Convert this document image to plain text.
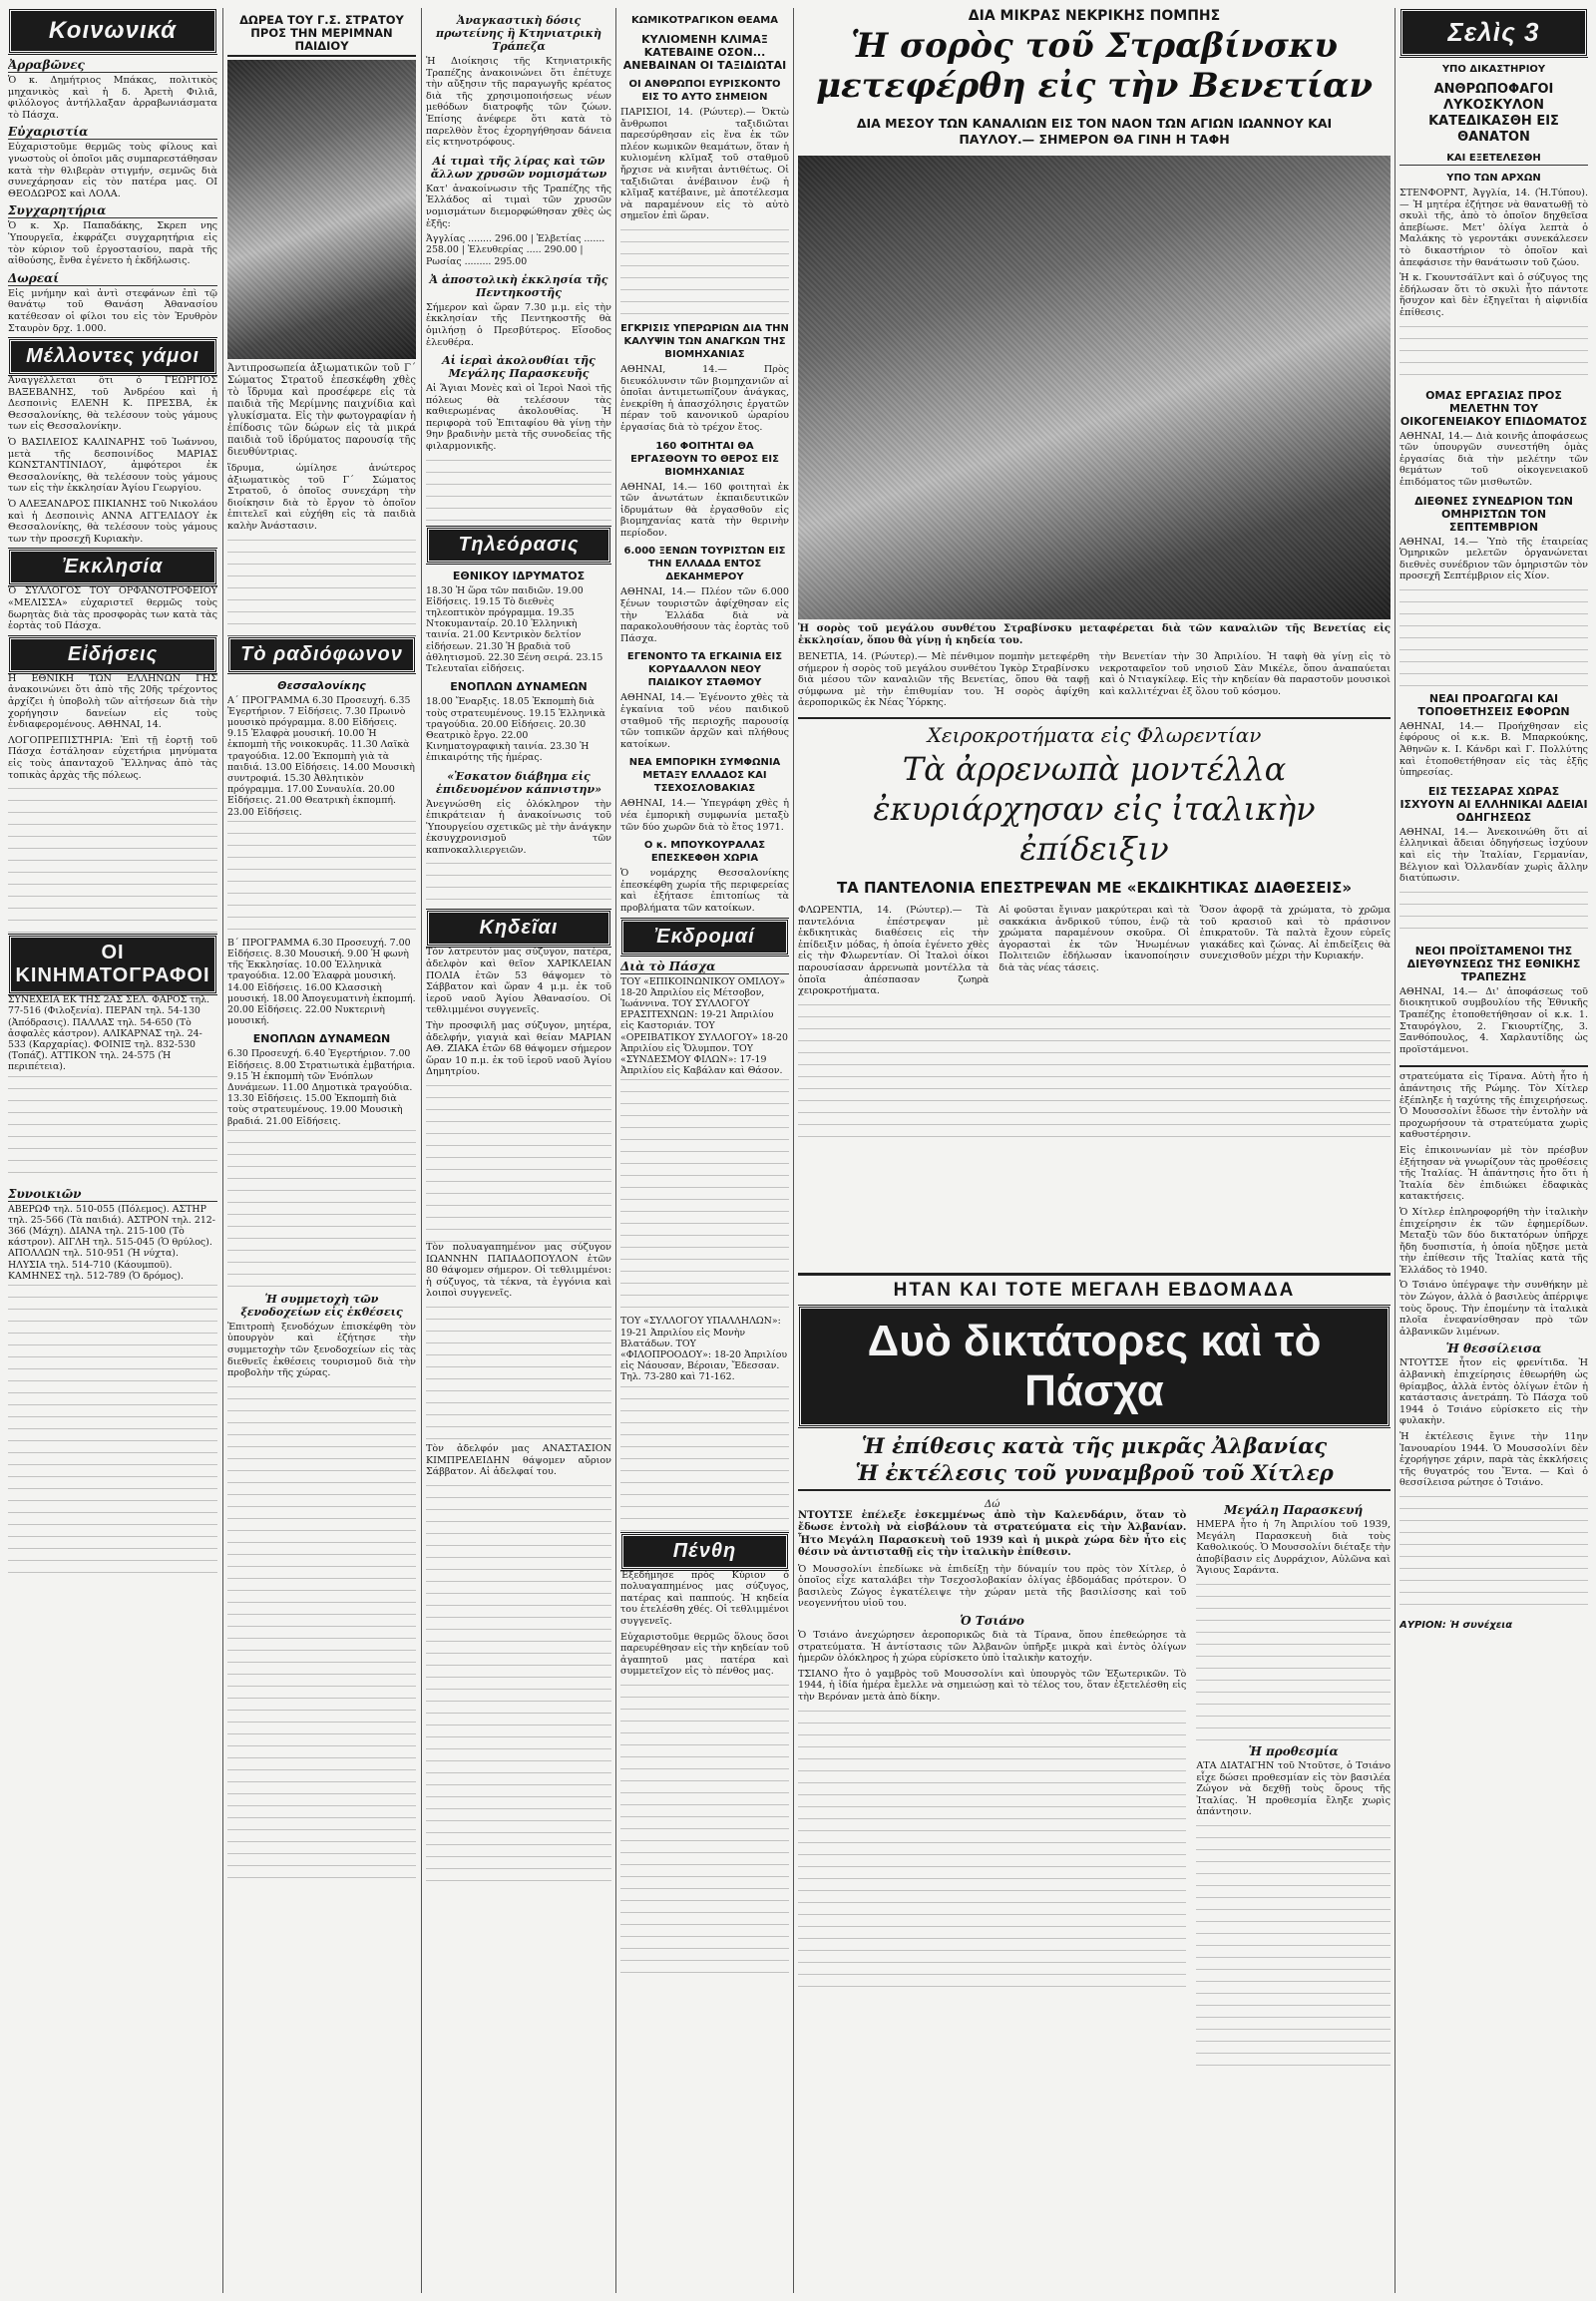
Κοινωνικά
Ἀρραβῶνες

Ὁ κ. Δημήτριος Μπάκας, πολιτικὸς μηχανικὸς καὶ ἡ δ. Ἀρετὴ Φιλιᾶ, φιλόλογος ἀντήλλαξαν ἀρραβωνιάσματα τὸ Πάσχα.

Εὐχαριστία

Εὐχαριστοῦμε θερμῶς τοὺς φίλους καὶ γνωστοὺς οἱ ὁποῖοι μᾶς συμπαρεστάθησαν κατὰ τὴν θλιβερὰν στιγμήν, σεμνῶς διὰ συνεχάρησαν εἰς τὸν πατέρα μας. ΟΙ ΘΕΟΔΩΡΟΣ καὶ ΛΟΛΑ.

Συγχαρητήρια

Ὁ κ. Χρ. Παπαδάκης, Σκρεπ νης Ὑπουργεῖα, ἐκφράζει συγχαρητήρια εἰς τὸν κύριον τοῦ ἐργοστασίου, παρὰ τῆς αἰθούσης, ἔνθα ἐγένετο ἡ ἐκδήλωσις.

Δωρεαί

Εἰς μνήμην καὶ ἀντὶ στεφάνων ἐπὶ τῷ θανάτῳ τοῦ Θανάση Ἀθανασίου κατέθεσαν οἱ φίλοι του εἰς τὸν Ἑρυθρὸν Σταυρὸν δρχ. 1.000.

Μέλλοντες γάμοι

Ἀναγγέλλεται ὅτι ὁ ΓΕΩΡΓΙΟΣ ΒΑΞΕΒΑΝΗΣ, τοῦ Ἀνδρέου καὶ ἡ Δεσποινὶς ΕΛΕΝΗ Κ. ΠΡΕΣΒΑ, ἐκ Θεσσαλονίκης, θὰ τελέσουν τοὺς γάμους των εἰς Θεσσαλονίκην.

Ὁ ΒΑΣΙΛΕΙΟΣ ΚΑΛΙΝΑΡΗΣ τοῦ Ἰωάννου, μετὰ τῆς δεσποινίδος ΜΑΡΙΑΣ ΚΩΝΣΤΑΝΤΙΝΙΔΟΥ, ἀμφότεροι ἐκ Θεσσαλονίκης, θὰ τελέσουν τοὺς γάμους των εἰς τὴν ἐκκλησίαν Ἁγίου Γεωργίου.

Ὁ ΑΛΕΞΑΝΔΡΟΣ ΠΙΚΙΑΝΗΣ τοῦ Νικολάου καὶ ἡ Δεσποινὶς ΑΝΝΑ ΑΓΓΕΛΙΔΟΥ ἐκ Θεσσαλονίκης, θὰ τελέσουν τοὺς γάμους των τὴν προσεχῆ Κυριακὴν.

Ἐκκλησία

Ὁ ΣΥΛΛΟΓΟΣ ΤΟΥ ΟΡΦΑΝΟΤΡΟΦΕΙΟΥ «ΜΕΛΙΣΣΑ» εὐχαριστεῖ θερμῶς τοὺς δωρητὰς διὰ τὰς προσφορὰς των κατὰ τὰς ἑορτὰς τοῦ Πάσχα.

Εἰδήσεις

Η ΕΘΝΙΚΗ ΤΩΝ ΕΛΛΗΝΩΝ ΓΗΣ ἀνακοινώνει ὅτι ἀπὸ τῆς 20ῆς τρέχοντος ἀρχίζει ἡ ὑποβολὴ τῶν αἰτήσεων διὰ τὴν χορήγησιν δανείων εἰς τοὺς ἐνδιαφερομένους. ΑΘΗΝΑΙ, 14.

ΛΟΓΟΠΡΕΠΙΣΤΗΡΙΑ: Ἐπὶ τῇ ἑορτῇ τοῦ Πάσχα ἐστάλησαν εὐχετήρια μηνύματα εἰς τοὺς ἀπανταχοῦ Ἕλληνας ἀπὸ τὰς τοπικὰς ἀρχὰς τῆς πόλεως.

ΟΙ ΚΙΝΗΜΑΤΟΓΡΑΦΟΙ

ΣΥΝΕΧΕΙΑ ΕΚ ΤΗΣ 2ΑΣ ΣΕΛ. ΦΑΡΟΣ τηλ. 77-516 (Φιλοξενία). ΠΕΡΑΝ τηλ. 54-130 (Ἀπόδρασις). ΠΑΛΛΑΣ τηλ. 54-650 (Τὸ ἀσφαλὲς κάστρον). ΑΛΙΚΑΡΝΑΣ τηλ. 24-533 (Καρχαρίας). ΦΟΙΝΙΞ τηλ. 832-530 (Τοπάζ). ΑΤΤΙΚΟΝ τηλ. 24-575 (Ἡ περιπέτεια).

Συνοικιῶν

ΑΒΕΡΩΦ τηλ. 510-055 (Πόλεμος). ΑΣΤΗΡ τηλ. 25-566 (Τὰ παιδιά). ΑΣΤΡΟΝ τηλ. 212-366 (Μάχη). ΔΙΑΝΑ τηλ. 215-100 (Τὸ κάστρον). ΑΙΓΛΗ τηλ. 515-045 (Ὁ θρύλος). ΑΠΟΛΛΩΝ τηλ. 510-951 (Ἡ νύχτα). ΗΛΥΣΙΑ τηλ. 514-710 (Κάουμποϋ). ΚΑΜΗΝΕΣ τηλ. 512-789 (Ὁ δρόμος).

ΔΩΡΕΑ ΤΟΥ Γ.Σ. ΣΤΡΑΤΟΥ ΠΡΟΣ ΤΗΝ ΜΕΡΙΜΝΑΝ ΠΑΙΔΙΟΥ

Ἀντιπροσωπεία ἀξιωματικῶν τοῦ Γ΄ Σώματος Στρατοῦ ἐπεσκέφθη χθὲς τὸ ἵδρυμα καὶ προσέφερε εἰς τὰ παιδιὰ τῆς Μερίμνης παιχνίδια καὶ γλυκίσματα. Εἰς τὴν φωτογραφίαν ἡ ἐπίδοσις τῶν δώρων εἰς τὰ μικρά παιδιὰ τοῦ ἱδρύματος παρουσίᾳ τῆς διευθύντριας.

ἵδρυμα, ὡμίλησε ἀνώτερος ἀξιωματικὸς τοῦ Γ΄ Σώματος Στρατοῦ, ὁ ὁποῖος συνεχάρη τὴν διοίκησιν διὰ τὸ ἔργον τὸ ὁποῖον ἐπιτελεῖ καὶ εὐχήθη εἰς τὰ παιδιὰ καλὴν Ἀνάστασιν.

Τὸ ραδιόφωνον
Θεσσαλονίκης

Α΄ ΠΡΟΓΡΑΜΜΑ 6.30 Προσευχή. 6.35 Ἐγερτήριον. 7 Εἰδήσεις. 7.30 Πρωινὸ μουσικὸ πρόγραμμα. 8.00 Εἰδήσεις. 9.15 Ἐλαφρὰ μουσική. 10.00 Ἡ ἐκπομπὴ τῆς νοικοκυρᾶς. 11.30 Λαϊκὰ τραγούδια. 12.00 Ἐκπομπὴ γιὰ τὰ παιδιά. 13.00 Εἰδήσεις. 14.00 Μουσικὴ συντροφιά. 15.30 Ἀθλητικὸν πρόγραμμα. 17.00 Συναυλία. 20.00 Εἰδήσεις. 21.00 Θεατρικὴ ἐκπομπή. 23.00 Εἰδήσεις.

Β΄ ΠΡΟΓΡΑΜΜΑ 6.30 Προσευχή. 7.00 Εἰδήσεις. 8.30 Μουσική. 9.00 Ἡ φωνὴ τῆς Ἐκκλησίας. 10.00 Ἑλληνικὰ τραγούδια. 12.00 Ἐλαφρὰ μουσική. 14.00 Εἰδήσεις. 16.00 Κλασσικὴ μουσική. 18.00 Ἀπογευματινὴ ἐκπομπή. 20.00 Εἰδήσεις. 22.00 Νυκτερινὴ μουσική.

ΕΝΟΠΛΩΝ ΔΥΝΑΜΕΩΝ

6.30 Προσευχή. 6.40 Ἐγερτήριον. 7.00 Εἰδήσεις. 8.00 Στρατιωτικὰ ἐμβατήρια. 9.15 Ἡ ἐκπομπὴ τῶν Ἐνόπλων Δυνάμεων. 11.00 Δημοτικὰ τραγούδια. 13.30 Εἰδήσεις. 15.00 Ἐκπομπὴ διὰ τοὺς στρατευμένους. 19.00 Μουσικὴ βραδιά. 21.00 Εἰδήσεις.

Ἡ συμμετοχὴ τῶν ξενοδοχείων εἰς ἐκθέσεις

Ἐπιτροπὴ ξενοδόχων ἐπισκέφθη τὸν ὑπουργὸν καὶ ἐζήτησε τὴν συμμετοχὴν τῶν ξενοδοχείων εἰς τὰς διεθνεῖς ἐκθέσεις τουρισμοῦ διὰ τὴν προβολὴν τῆς χώρας.

Ἀναγκαστικὴ δόσις πρωτείνης ἢ Κτηνιατρικὴ Τράπεζα

Ἡ Διοίκησις τῆς Κτηνιατρικῆς Τραπέζης ἀνακοινώνει ὅτι ἐπέτυχε τὴν αὔξησιν τῆς παραγωγῆς κρέατος διὰ τῆς χρησιμοποιήσεως νέων μεθόδων διατροφῆς τῶν ζώων. Ἐπίσης ἀνέφερε ὅτι κατὰ τὸ παρελθὸν ἔτος ἐχορηγήθησαν δάνεια εἰς κτηνοτρόφους.

Αἱ τιμαὶ τῆς λίρας καὶ τῶν ἄλλων χρυσῶν νομισμάτων

Κατ' ἀνακοίνωσιν τῆς Τραπέζης τῆς Ἑλλάδος αἱ τιμαὶ τῶν χρυσῶν νομισμάτων διεμορφώθησαν χθὲς ὡς ἑξῆς:

Ἀγγλίας ........ 296.00 | Ἑλβετίας ....... 258.00 | Ἐλευθερίας ..... 290.00 | Ρωσίας ......... 295.00

Ἀ ἀποστολικὴ ἐκκλησία τῆς Πεντηκοστῆς

Σήμερον καὶ ὥραν 7.30 μ.μ. εἰς τὴν ἐκκλησίαν τῆς Πεντηκοστῆς θὰ ὁμιλήσῃ ὁ Πρεσβύτερος. Εἴσοδος ἐλευθέρα.

Αἱ ἱεραὶ ἀκολουθίαι τῆς Μεγάλης Παρασκευῆς

Αἱ Ἅγιαι Μονὲς καὶ οἱ Ἱεροὶ Ναοὶ τῆς πόλεως θὰ τελέσουν τὰς καθιερωμένας ἀκολουθίας. Ἡ περιφορὰ τοῦ Ἐπιταφίου θὰ γίνῃ τὴν 9ην βραδινὴν μετὰ τῆς συνοδείας τῆς φιλαρμονικῆς.

Τηλεόρασις
ΕΘΝΙΚΟΥ ΙΔΡΥΜΑΤΟΣ

18.30 Ἡ ὥρα τῶν παιδιῶν. 19.00 Εἰδήσεις. 19.15 Τὸ διεθνὲς τηλεοπτικὸν πρόγραμμα. 19.35 Ντοκυμανταίρ. 20.10 Ἐλληνικὴ ταινία. 21.00 Κεντρικὸν δελτίον εἰδήσεων. 21.30 Ἡ βραδιὰ τοῦ ἀθλητισμοῦ. 22.30 Ξένη σειρά. 23.15 Τελευταῖαι εἰδήσεις.

ΕΝΟΠΛΩΝ ΔΥΝΑΜΕΩΝ

18.00 Ἔναρξις. 18.05 Ἐκπομπὴ διὰ τοὺς στρατευμένους. 19.15 Ἑλληνικὰ τραγούδια. 20.00 Εἰδήσεις. 20.30 Θεατρικὸ ἔργο. 22.00 Κινηματογραφικὴ ταινία. 23.30 Ἡ ἐπικαιρότης τῆς ἡμέρας.

«Ἐσκατον διάβημα εἰς ἐπιδευομένον κάπνιστην»

Ἀνεγνώσθη εἰς ὁλόκληρον τὴν ἐπικράτειαν ἡ ἀνακοίνωσις τοῦ Ὑπουργείου σχετικῶς μὲ τὴν ἀνάγκην ἐκσυγχρονισμοῦ τῶν καπνοκαλλιεργειῶν.

Κηδεῖαι

Τὸν λατρευτόν μας σύζυγον, πατέρα, ἀδελφὸν καὶ θεῖον ΧΑΡΙΚΛΕΙΑΝ ΠΟΛΙΑ ἐτῶν 53 θάψομεν τὸ Σάββατον καὶ ὥραν 4 μ.μ. ἐκ τοῦ ἱεροῦ ναοῦ Ἁγίου Ἀθανασίου. Οἱ τεθλιμμένοι συγγενεῖς.

Τὴν προσφιλῆ μας σύζυγον, μητέρα, ἀδελφήν, γιαγιὰ καὶ θείαν ΜΑΡΙΑΝ ΑΘ. ΖΙΑΚΑ ἐτῶν 68 θάψομεν σήμερον ὥραν 10 π.μ. ἐκ τοῦ ἱεροῦ ναοῦ Ἁγίου Δημητρίου.

Τὸν πολυαγαπημένον μας σύζυγον ΙΩΑΝΝΗΝ ΠΑΠΑΔΟΠΟΥΛΟΝ ἐτῶν 80 θάψομεν σήμερον. Οἱ τεθλιμμένοι: ἡ σύζυγος, τὰ τέκνα, τὰ ἐγγόνια καὶ λοιποὶ συγγενεῖς.

Τὸν ἀδελφόν μας ΑΝΑΣΤΑΣΙΟΝ ΚΙΜΠΡΕΛΕΙΔΗΝ θάψομεν αὔριον Σάββατον. Αἱ ἀδελφαί του.

ΚΩΜΙΚΟΤΡΑΓΙΚΟΝ ΘΕΑΜΑ
ΚΥΛΙΟΜΕΝΗ ΚΛΙΜΑΞ ΚΑΤΕΒΑΙΝΕ ΟΣΟΝ... ΑΝΕΒΑΙΝΑΝ ΟΙ ΤΑΞΙΔΙΩΤΑΙ
ΟΙ ΑΝΘΡΩΠΟΙ ΕΥΡΙΣΚΟΝΤΟ ΕΙΣ ΤΟ ΑΥΤΟ ΣΗΜΕΙΟΝ

ΠΑΡΙΣΙΟΙ, 14. (Ρώυτερ).— Ὀκτὼ ἄνθρωποι ταξιδιῶται παρεσύρθησαν εἰς ἕνα ἐκ τῶν πλέον κωμικῶν θεαμάτων, ὅταν ἡ κυλιομένη κλῖμαξ τοῦ σταθμοῦ ἤρχισε νὰ κινῆται ἀντιθέτως. Οἱ ταξιδιῶται ἀνέβαινον ἐνῷ ἡ κλῖμαξ κατέβαινε, μὲ ἀποτέλεσμα νὰ παραμένουν εἰς τὸ αὐτὸ σημεῖον ἐπὶ ὥραν.

ΕΓΚΡΙΣΙΣ ΥΠΕΡΩΡΙΩΝ ΔΙΑ ΤΗΝ ΚΑΛΥΨΙΝ ΤΩΝ ΑΝΑΓΚΩΝ ΤΗΣ ΒΙΟΜΗΧΑΝΙΑΣ

ΑΘΗΝΑΙ, 14.— Πρὸς διευκόλυνσιν τῶν βιομηχανιῶν αἱ ὁποῖαι ἀντιμετωπίζουν ἀνάγκας, ἐνεκρίθη ἡ ἀπασχόλησις ἐργατῶν πέραν τοῦ κανονικοῦ ὡραρίου ἐργασίας διὰ τὸ τρέχον ἔτος.

160 ΦΟΙΤΗΤΑΙ ΘΑ ΕΡΓΑΣΘΟΥΝ ΤΟ ΘΕΡΟΣ ΕΙΣ ΒΙΟΜΗΧΑΝΙΑΣ

ΑΘΗΝΑΙ, 14.— 160 φοιτηταὶ ἐκ τῶν ἀνωτάτων ἐκπαιδευτικῶν ἱδρυμάτων θὰ ἐργασθοῦν εἰς βιομηχανίας κατὰ τὴν θερινὴν περίοδον.

6.000 ΞΕΝΩΝ ΤΟΥΡΙΣΤΩΝ ΕΙΣ ΤΗΝ ΕΛΛΑΔΑ ΕΝΤΟΣ ΔΕΚΑΗΜΕΡΟΥ

ΑΘΗΝΑΙ, 14.— Πλέον τῶν 6.000 ξένων τουριστῶν ἀφίχθησαν εἰς τὴν Ἑλλάδα διὰ νὰ παρακολουθήσουν τὰς ἑορτὰς τοῦ Πάσχα.

ΕΓΕΝΟΝΤΟ ΤΑ ΕΓΚΑΙΝΙΑ ΕΙΣ ΚΟΡΥΔΑΛΛΟΝ ΝΕΟΥ ΠΑΙΔΙΚΟΥ ΣΤΑΘΜΟΥ

ΑΘΗΝΑΙ, 14.— Ἐγένοντο χθὲς τὰ ἐγκαίνια τοῦ νέου παιδικοῦ σταθμοῦ τῆς περιοχῆς παρουσίᾳ τῶν τοπικῶν ἀρχῶν καὶ πλήθους κατοίκων.

ΝΕΑ ΕΜΠΟΡΙΚΗ ΣΥΜΦΩΝΙΑ ΜΕΤΑΞΥ ΕΛΛΑΔΟΣ ΚΑΙ ΤΣΕΧΟΣΛΟΒΑΚΙΑΣ

ΑΘΗΝΑΙ, 14.— Ὑπεγράφη χθὲς ἡ νέα ἐμπορικὴ συμφωνία μεταξὺ τῶν δύο χωρῶν διὰ τὸ ἔτος 1971.

Ο κ. ΜΠΟΥΚΟΥΡΑΛΑΣ ΕΠΕΣΚΕΦΘΗ ΧΩΡΙΑ

Ὁ νομάρχης Θεσσαλονίκης ἐπεσκέφθη χωρία τῆς περιφερείας καὶ ἐξήτασε ἐπιτοπίως τὰ προβλήματα τῶν κατοίκων.

Ἐκδρομαί
Διὰ τὸ Πάσχα

ΤΟΥ «ΕΠΙΚΟΙΝΩΝΙΚΟΥ ΟΜΙΛΟΥ» 18-20 Ἀπριλίου εἰς Μέτσοβον, Ἰωάννινα. ΤΟΥ ΣΥΛΛΟΓΟΥ ΕΡΑΣΙΤΕΧΝΩΝ: 19-21 Ἀπριλίου εἰς Καστοριάν. ΤΟΥ «ΟΡΕΙΒΑΤΙΚΟΥ ΣΥΛΛΟΓΟΥ» 18-20 Ἀπριλίου εἰς Ὄλυμπον. ΤΟΥ «ΣΥΝΔΕΣΜΟΥ ΦΙΛΩΝ»: 17-19 Ἀπριλίου εἰς Καβάλαν καὶ Θάσον.

ΤΟΥ «ΣΥΛΛΟΓΟΥ ΥΠΑΛΛΗΛΩΝ»: 19-21 Ἀπριλίου εἰς Μονὴν Βλατάδων. ΤΟΥ «ΦΙΛΟΠΡΟΟΔΟΥ»: 18-20 Ἀπριλίου εἰς Νάουσαν, Βέροιαν, Ἔδεσσαν. Τηλ. 73-280 καὶ 71-162.

Πένθη

Ἐξεδήμησε πρὸς Κύριον ὁ πολυαγαπημένος μας σύζυγος, πατέρας καὶ παππούς. Ἡ κηδεία του ἐτελέσθη χθές. Οἱ τεθλιμμένοι συγγενεῖς.

Εὐχαριστοῦμε θερμῶς ὅλους ὅσοι παρευρέθησαν εἰς τὴν κηδείαν τοῦ ἀγαπητοῦ μας πατέρα καὶ συμμετεῖχον εἰς τὸ πένθος μας.

ΔΙΑ ΜΙΚΡΑΣ ΝΕΚΡΙΚΗΣ ΠΟΜΠΗΣ
Ἡ σορὸς τοῦ Στραβίνσκυ μετεφέρθη εἰς τὴν Βενετίαν
ΔΙΑ ΜΕΣΟΥ ΤΩΝ ΚΑΝΑΛΙΩΝ ΕΙΣ ΤΟΝ ΝΑΟΝ ΤΩΝ ΑΓΙΩΝ ΙΩΑΝΝΟΥ ΚΑΙ ΠΑΥΛΟΥ.— ΣΗΜΕΡΟΝ ΘΑ ΓΙΝΗ Η ΤΑΦΗ

Ἡ σορὸς τοῦ μεγάλου συνθέτου Στραβίνσκυ μεταφέρεται διὰ τῶν καναλιῶν τῆς Βενετίας εἰς ἐκκλησίαν, ὅπου θὰ γίνῃ ἡ κηδεία του.

ΒΕΝΕΤΙΑ, 14. (Ρώυτερ).— Μὲ πένθιμον πομπὴν μετεφέρθη σήμερον ἡ σορὸς τοῦ μεγάλου συνθέτου Ἰγκὸρ Στραβίνσκυ διὰ μέσου τῶν καναλιῶν τῆς Βενετίας, ὅπου θὰ ταφῇ σύμφωνα μὲ τὴν ἐπιθυμίαν του. Ἡ σορὸς ἀφίχθη ἀεροπορικῶς ἐκ Νέας Ὑόρκης.

τὴν Βενετίαν τὴν 30 Ἀπριλίου. Ἡ ταφὴ θὰ γίνῃ εἰς τὸ νεκροταφεῖον τοῦ νησιοῦ Σὰν Μικέλε, ὅπου ἀναπαύεται καὶ ὁ Ντιαγκίλεφ. Εἰς τὴν κηδείαν θὰ παραστοῦν μουσικοὶ καὶ καλλιτέχναι ἐξ ὅλου τοῦ κόσμου.

Χειροκροτήματα εἰς Φλωρεντίαν
Τὰ ἀρρενωπὰ μοντέλλα ἐκυριάρχησαν εἰς ἰταλικὴν ἐπίδειξιν
ΤΑ ΠΑΝΤΕΛΟΝΙΑ ΕΠΕΣΤΡΕΨΑΝ ΜΕ «ΕΚΔΙΚΗΤΙΚΑΣ ΔΙΑΘΕΣΕΙΣ»

ΦΛΩΡΕΝΤΙΑ, 14. (Ρώυτερ).— Τὰ παντελόνια ἐπέστρεψαν μὲ ἐκδικητικὰς διαθέσεις εἰς τὴν ἐπίδειξιν μόδας, ἡ ὁποία ἐγένετο χθὲς εἰς τὴν Φλωρεντίαν. Οἱ Ἰταλοὶ ὀίκοι παρουσίασαν ἀρρενωπὰ μοντέλλα τὰ ὁποῖα ἀπέσπασαν ζωηρὰ χειροκροτήματα.

Αἱ φοῦσται ἔγιναν μακρύτεραι καὶ τὰ σακκάκια ἀνδρικοῦ τύπου, ἐνῷ τὰ χρώματα παραμένουν σκοῦρα. Οἱ ἀγορασταὶ ἐκ τῶν Ἡνωμένων Πολιτειῶν ἐδήλωσαν ἱκανοποίησιν διὰ τὰς νέας τάσεις.

Ὅσον ἀφορᾷ τὰ χρώματα, τὸ χρῶμα τοῦ κρασιοῦ καὶ τὸ πράσινον ἐπικρατοῦν. Τὰ παλτὰ ἔχουν εὐρεῖς γιακάδες καὶ ζώνας. Αἱ ἐπιδείξεις θὰ συνεχισθοῦν μέχρι τὴν Κυριακήν.

ΗΤΑΝ ΚΑΙ ΤΟΤΕ ΜΕΓΑΛΗ ΕΒΔΟΜΑΔΑ
Δυὸ δικτάτορες καὶ τὸ Πάσχα
Ἡ ἐπίθεσις κατὰ τῆς μικρᾶς Ἀλβανίας
Ἡ ἐκτέλεσις τοῦ γυναμβροῦ τοῦ Χίτλερ
Δώ

ΝΤΟΥΤΣΕ ἐπέλεξε ἐσκεμμένως ἀπὸ τὴν Καλενδάριν, ὅταν τὸ ἔδωσε ἐντολὴ νὰ εἰσβάλουν τὰ στρατεύματα εἰς τὴν Ἀλβανίαν. Ἦτο Μεγάλη Παρασκευὴ τοῦ 1939 καὶ ἡ μικρὰ χώρα δὲν ἦτο εἰς θέσιν νὰ ἀντισταθῇ εἰς τὴν ἰταλικὴν ἐπίθεσιν.

Ὁ Μουσσολίνι ἐπεδίωκε νὰ ἐπιδείξῃ τὴν δύναμίν του πρὸς τὸν Χίτλερ, ὁ ὁποῖος εἶχε καταλάβει τὴν Τσεχοσλοβακίαν ὀλίγας ἑβδομάδας πρότερον. Ὁ βασιλεὺς Ζώγος ἐγκατέλειψε τὴν χώραν μετὰ τῆς βασιλίσσης καὶ τοῦ νεογεννήτου υἱοῦ του.

Ὁ Τσιάνο

Ὁ Τσιάνο ἀνεχώρησεν ἀεροπορικῶς διὰ τὰ Τίρανα, ὅπου ἐπεθεώρησε τὰ στρατεύματα. Ἡ ἀντίστασις τῶν Ἀλβανῶν ὑπῆρξε μικρὰ καὶ ἐντὸς ὀλίγων ἡμερῶν ὁλόκληρος ἡ χώρα εὑρίσκετο ὑπὸ ἰταλικὴν κατοχήν.

ΤΣΙΑΝΟ ἦτο ὁ γαμβρὸς τοῦ Μουσσολίνι καὶ ὑπουργὸς τῶν Ἐξωτερικῶν. Τὸ 1944, ἡ ἰδία ἡμέρα ἔμελλε νὰ σημειώσῃ καὶ τὸ τέλος του, ὅταν ἐξετελέσθη εἰς τὴν Βερόναν μετὰ ἀπὸ δίκην.

Μεγάλη Παρασκευή

ΗΜΕΡΑ ἦτο ἡ 7η Ἀπριλίου τοῦ 1939, Μεγάλη Παρασκευὴ διὰ τοὺς Καθολικούς. Ὁ Μουσσολίνι διέταξε τὴν ἀποβίβασιν εἰς Δυρράχιον, Αὐλῶνα καὶ Ἅγιους Σαράντα.

Ἡ προθεσμία

ΑΤΑ ΔΙΑΤΑΓΗΝ τοῦ Ντοῦτσε, ὁ Τσιάνο εἶχε δώσει προθεσμίαν εἰς τὸν βασιλέα Ζώγον νὰ δεχθῇ τοὺς ὅρους τῆς Ἰταλίας. Ἡ προθεσμία ἔληξε χωρὶς ἀπάντησιν.

Σελὶς 3
ΥΠΟ ΔΙΚΑΣΤΗΡΙΟΥ
ΑΝΘΡΩΠΟΦΑΓΟΙ ΛΥΚΟΣΚΥΛΟΝ ΚΑΤΕΔΙΚΑΣΘΗ ΕΙΣ ΘΑΝΑΤΟΝ
ΚΑΙ ΕΞΕΤΕΛΕΣΘΗ
ΥΠΟ ΤΩΝ ΑΡΧΩΝ

ΣΤΕΝΦΟΡΝΤ, Ἀγγλία, 14. (Ἡ.Τύπου).— Ἡ μητέρα ἐζήτησε νὰ θανατωθῇ τὸ σκυλὶ τῆς, ἀπὸ τὸ ὁποῖον δηχθεῖσα ἀπεβίωσε. Μετ' ὀλίγα λεπτὰ ὁ Μαλάκης τὸ γεροντάκι συνεκάλεσεν τὸ δικαστήριον τὸ ὁποῖον καὶ ἀπεφάσισε τὴν θανάτωσιν τοῦ ζώου.

Ἡ κ. Γκουντσάϊλντ καὶ ὁ σύζυγος της ἐδήλωσαν ὅτι τὸ σκυλὶ ἦτο πάντοτε ἥσυχον καὶ δὲν ἐξηγεῖται ἡ αἰφνιδία ἐπίθεσις.

ΟΜΑΣ ΕΡΓΑΣΙΑΣ ΠΡΟΣ ΜΕΛΕΤΗΝ ΤΟΥ ΟΙΚΟΓΕΝΕΙΑΚΟΥ ΕΠΙΔΟΜΑΤΟΣ

ΑΘΗΝΑΙ, 14.— Διὰ κοινῆς ἀποφάσεως τῶν ὑπουργῶν συνεστήθη ὁμὰς ἐργασίας διὰ τὴν μελέτην τῶν θεμάτων τοῦ οἰκογενειακοῦ ἐπιδόματος τῶν μισθωτῶν.

ΔΙΕΘΝΕΣ ΣΥΝΕΔΡΙΟΝ ΤΩΝ ΟΜΗΡΙΣΤΩΝ ΤΟΝ ΣΕΠΤΕΜΒΡΙΟΝ

ΑΘΗΝΑΙ, 14.— Ὑπὸ τῆς ἑταιρείας Ὁμηρικῶν μελετῶν ὀργανώνεται διεθνὲς συνέδριον τῶν ὁμηριστῶν τὸν προσεχῆ Σεπτέμβριον εἰς Χίον.

ΝΕΑΙ ΠΡΟΑΓΩΓΑΙ ΚΑΙ ΤΟΠΟΘΕΤΗΣΕΙΣ ΕΦΟΡΩΝ

ΑΘΗΝΑΙ, 14.— Προήχθησαν εἰς ἐφόρους οἱ κ.κ. Β. Μπαρκούκης, Ἀθηνῶν κ. Ι. Κάνδρι καὶ Γ. Πολλύτης καὶ ἐτοποθετήθησαν εἰς τὰς ἑξῆς ὑπηρεσίας.

ΕΙΣ ΤΕΣΣΑΡΑΣ ΧΩΡΑΣ ΙΣΧΥΟΥΝ ΑΙ ΕΛΛΗΝΙΚΑΙ ΑΔΕΙΑΙ ΟΔΗΓΗΣΕΩΣ

ΑΘΗΝΑΙ, 14.— Ἀνεκοινώθη ὅτι αἱ ἑλληνικαὶ ἄδειαι ὁδηγήσεως ἰσχύουν καὶ εἰς τὴν Ἰταλίαν, Γερμανίαν, Βέλγιον καὶ Ὁλλανδίαν χωρὶς ἄλλην διατύπωσιν.

ΝΕΟΙ ΠΡΟΪΣΤΑΜΕΝΟΙ ΤΗΣ ΔΙΕΥΘΥΝΣΕΩΣ ΤΗΣ ΕΘΝΙΚΗΣ ΤΡΑΠΕΖΗΣ

ΑΘΗΝΑΙ, 14.— Δι' ἀποφάσεως τοῦ διοικητικοῦ συμβουλίου τῆς Ἐθνικῆς Τραπέζης ἐτοποθετήθησαν οἱ κ.κ. 1. Σταυρόγλου, 2. Γκιουρτίζης, 3. Ξανθόπουλος, 4. Χαρλαυτίδης ὡς προϊστάμενοι.

στρατεύματα εἰς Τίρανα. Αὐτὴ ἦτο ἡ ἀπάντησις τῆς Ρώμης. Τὸν Χίτλερ ἐξέπληξε ἡ ταχύτης τῆς ἐπιχειρήσεως. Ὁ Μουσσολίνι ἔδωσε τὴν ἐντολὴν νὰ προχωρήσουν τὰ στρατεύματα χωρὶς καθυστέρησιν.

Εἰς ἐπικοινωνίαν μὲ τὸν πρέσβυν ἐξήτησαν νὰ γνωρίζουν τὰς προθέσεις τῆς Ἰταλίας. Ἡ ἀπάντησις ἦτο ὅτι ἡ Ἰταλία δὲν ἐπιδιώκει ἐδαφικὰς κατακτήσεις.

Ὁ Χίτλερ ἐπληροφορήθη τὴν ἰταλικὴν ἐπιχείρησιν ἐκ τῶν ἐφημερίδων. Μεταξὺ τῶν δύο δικτατόρων ὑπῆρχε ἤδη δυσπιστία, ἡ ὁποία ηὔξησε μετὰ τὴν ἐπίθεσιν τῆς Ἰταλίας κατὰ τῆς Ἑλλάδος τὸ 1940.

Ὁ Τσιάνο ὑπέγραψε τὴν συνθήκην μὲ τὸν Ζώγον, ἀλλὰ ὁ βασιλεὺς ἀπέρριψε τοὺς ὅρους. Τὴν ἑπομένην τὰ ἰταλικὰ πλοῖα ἐνεφανίσθησαν πρὸ τῶν ἀλβανικῶν λιμένων.

Ἡ θεσσίλεισα

ΝΤΟΥΤΣΕ ἦτον εἰς φρενίτιδα. Ἡ ἀλβανικὴ ἐπιχείρησις ἐθεωρήθη ὡς θρίαμβος, ἀλλὰ ἐντὸς ὀλίγων ἐτῶν ἡ κατάστασις ἀνετράπη. Τὸ Πάσχα τοῦ 1944 ὁ Τσιάνο εὑρίσκετο εἰς τὴν φυλακὴν.

Ἡ ἐκτέλεσις ἔγινε τὴν 11ην Ἰανουαρίου 1944. Ὁ Μουσσολίνι δὲν ἐχορήγησε χάριν, παρὰ τὰς ἐκκλήσεις τῆς θυγατρός του Ἔντα. — Καὶ ὁ θεσσίλεισα ρώτησε ὁ Τσιάνο.

ΑΥΡΙΟΝ: Ἡ συνέχεια
